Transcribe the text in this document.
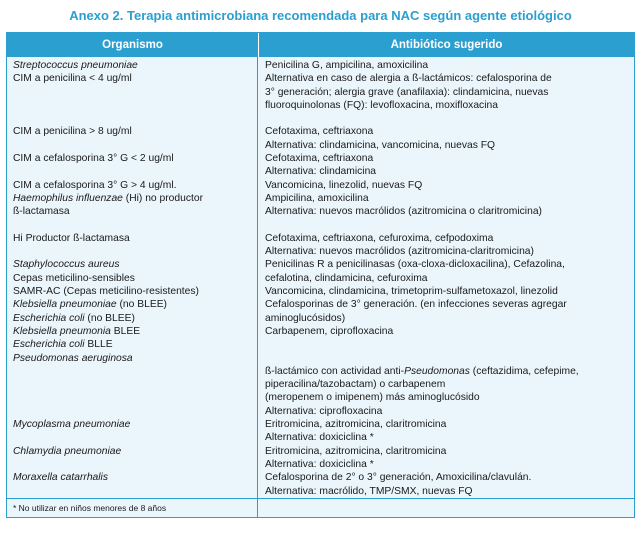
Anexo 2. Terapia antimicrobiana recomendada para NAC según agente etiológico
Organismo	Antibiótico sugerido
Streptococcus pneumoniae
CIM a penicilina < 4 ug/ml
CIM a penicilina > 8 ug/ml
CIM a cefalosporina 3° G < 2 ug/ml
CIM a cefalosporina 3° G > 4 ug/ml.
Haemophilus influenzae (Hi) no productor
ß-lactamasa
Hi Productor ß-lactamasa
Staphylococcus aureus
Cepas meticilino-sensibles
SAMR-AC (Cepas meticilino-resistentes)
Klebsiella pneumoniae (no BLEE)
Escherichia coli (no BLEE)
Klebsiella pneumonia BLEE
Escherichia coli BLLE
Pseudomonas aeruginosa
Mycoplasma pneumoniae
Chlamydia pneumoniae
Moraxella catarrhalis
Penicilina G, ampicilina, amoxicilina
Alternativa en caso de alergia a ß-lactámicos: cefalosporina de
3° generación; alergia grave (anafilaxia): clindamicina, nuevas
fluoroquinolonas (FQ): levofloxacina, moxifloxacina
Cefotaxima, ceftriaxona
Alternativa: clindamicina, vancomicina, nuevas FQ
Cefotaxima, ceftriaxona
Alternativa: clindamicina
Vancomicina, linezolid, nuevas FQ
Ampicilina, amoxicilina
Alternativa: nuevos macrólidos (azitromicina o claritromicina)
Cefotaxima, ceftriaxona, cefuroxima, cefpodoxima
Alternativa: nuevos macrólidos (azitromicina-claritromicina)
Penicilinas R a penicilinasas (oxa-cloxa-dicloxacilina), Cefazolina,
cefalotina, clindamicina, cefuroxima
Vancomicina, clindamicina, trimetoprim-sulfametoxazol, linezolid
Cefalosporinas de 3° generación. (en infecciones severas agregar
aminoglucósidos)
Carbapenem, ciprofloxacina
ß-lactámico con actividad anti-Pseudomonas (ceftazidima, cefepime,
piperacilina/tazobactam) o carbapenem
(meropenem o imipenem) más aminoglucósido
Alternativa: ciprofloxacina
Eritromicina, azitromicina, claritromicina
Alternativa: doxiciclina *
Eritromicina, azitromicina, claritromicina
Alternativa: doxiciclina *
Cefalosporina de 2° o 3° generación, Amoxicilina/clavulán.
Alternativa: macrólido, TMP/SMX, nuevas FQ
* No utilizar en niños menores de 8 años
